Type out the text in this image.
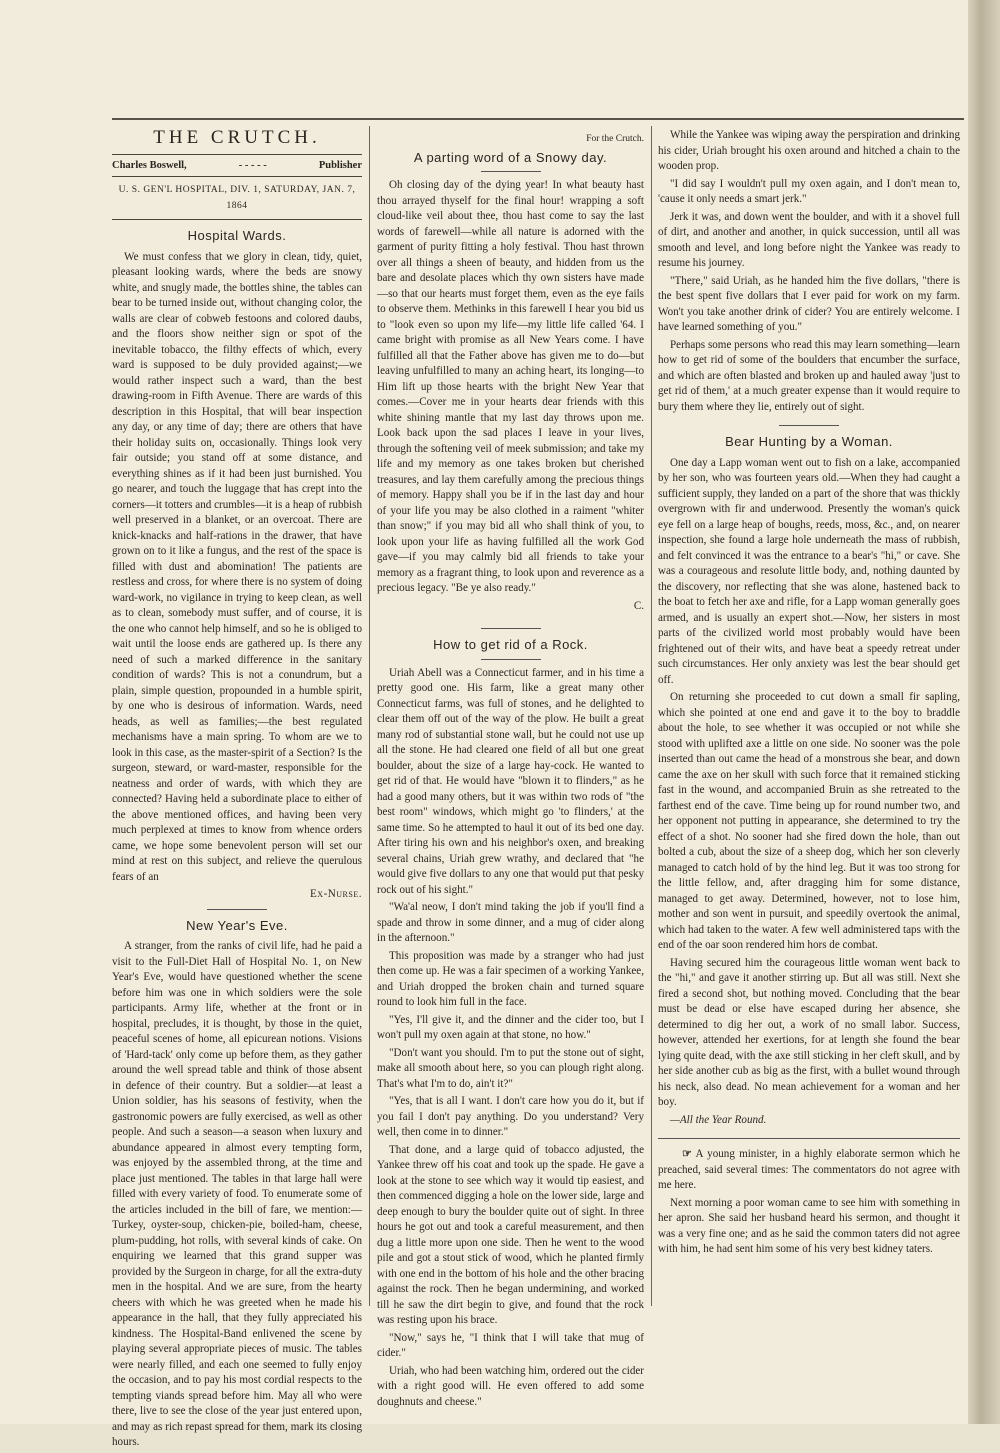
THE CRUTCH.
Charles Boswell,	- - - - -	Publisher
U. S. GEN'L HOSPITAL, DIV. 1, SATURDAY, JAN. 7, 1864
Hospital Wards.

We must confess that we glory in clean, tidy, quiet, pleasant looking wards, where the beds are snowy white, and snugly made, the bottles shine, the tables can bear to be turned inside out, without changing color, the walls are clear of cobweb festoons and colored daubs, and the floors show neither sign or spot of the inevitable tobacco, the filthy effects of which, every ward is supposed to be duly provided against;—we would rather inspect such a ward, than the best drawing-room in Fifth Avenue. There are wards of this description in this Hospital, that will bear inspection any day, or any time of day; there are others that have their holiday suits on, occasionally. Things look very fair outside; you stand off at some distance, and everything shines as if it had been just burnished. You go nearer, and touch the luggage that has crept into the corners—it totters and crumbles—it is a heap of rubbish well preserved in a blanket, or an overcoat. There are knick-knacks and half-rations in the drawer, that have grown on to it like a fungus, and the rest of the space is filled with dust and abomination! The patients are restless and cross, for where there is no system of doing ward-work, no vigilance in trying to keep clean, as well as to clean, somebody must suffer, and of course, it is the one who cannot help himself, and so he is obliged to wait until the loose ends are gathered up. Is there any need of such a marked difference in the sanitary condition of wards? This is not a conundrum, but a plain, simple question, propounded in a humble spirit, by one who is desirous of information. Wards, need heads, as well as families;—the best regulated mechanisms have a main spring. To whom are we to look in this case, as the master-spirit of a Section? Is the surgeon, steward, or ward-master, responsible for the neatness and order of wards, with which they are connected? Having held a subordinate place to either of the above mentioned offices, and having been very much perplexed at times to know from whence orders came, we hope some benevolent person will set our mind at rest on this subject, and relieve the querulous fears of an

Ex-Nurse.
New Year's Eve.

A stranger, from the ranks of civil life, had he paid a visit to the Full-Diet Hall of Hospital No. 1, on New Year's Eve, would have questioned whether the scene before him was one in which soldiers were the sole participants. Army life, whether at the front or in hospital, precludes, it is thought, by those in the quiet, peaceful scenes of home, all epicurean notions. Visions of 'Hard-tack' only come up before them, as they gather around the well spread table and think of those absent in defence of their country. But a soldier—at least a Union soldier, has his seasons of festivity, when the gastronomic powers are fully exercised, as well as other people. And such a season—a season when luxury and abundance appeared in almost every tempting form, was enjoyed by the assembled throng, at the time and place just mentioned. The tables in that large hall were filled with every variety of food. To enumerate some of the articles included in the bill of fare, we mention:—Turkey, oyster-soup, chicken-pie, boiled-ham, cheese, plum-pudding, hot rolls, with several kinds of cake. On enquiring we learned that this grand supper was provided by the Surgeon in charge, for all the extra-duty men in the hospital. And we are sure, from the hearty cheers with which he was greeted when he made his appearance in the hall, that they fully appreciated his kindness. The Hospital-Band enlivened the scene by playing several appropriate pieces of music. The tables were nearly filled, and each one seemed to fully enjoy the occasion, and to pay his most cordial respects to the tempting viands spread before him. May all who were there, live to see the close of the year just entered upon, and may as rich repast spread for them, mark its closing hours.

For the Crutch.
A parting word of a Snowy day.

Oh closing day of the dying year! In what beauty hast thou arrayed thyself for the final hour! wrapping a soft cloud-like veil about thee, thou hast come to say the last words of farewell—while all nature is adorned with the garment of purity fitting a holy festival. Thou hast thrown over all things a sheen of beauty, and hidden from us the bare and desolate places which thy own sisters have made—so that our hearts must forget them, even as the eye fails to observe them. Methinks in this farewell I hear you bid us to "look even so upon my life—my little life called '64. I came bright with promise as all New Years come. I have fulfilled all that the Father above has given me to do—but leaving unfulfilled to many an aching heart, its longing—to Him lift up those hearts with the bright New Year that comes.—Cover me in your hearts dear friends with this white shining mantle that my last day throws upon me. Look back upon the sad places I leave in your lives, through the softening veil of meek submission; and take my life and my memory as one takes broken but cherished treasures, and lay them carefully among the precious things of memory. Happy shall you be if in the last day and hour of your life you may be also clothed in a raiment "whiter than snow;" if you may bid all who shall think of you, to look upon your life as having fulfilled all the work God gave—if you may calmly bid all friends to take your memory as a fragrant thing, to look upon and reverence as a precious legacy. "Be ye also ready."

C.
How to get rid of a Rock.

Uriah Abell was a Connecticut farmer, and in his time a pretty good one. His farm, like a great many other Connecticut farms, was full of stones, and he delighted to clear them off out of the way of the plow. He built a great many rod of substantial stone wall, but he could not use up all the stone. He had cleared one field of all but one great boulder, about the size of a large hay-cock. He wanted to get rid of that. He would have "blown it to flinders," as he had a good many others, but it was within two rods of "the best room" windows, which might go 'to flinders,' at the same time. So he attempted to haul it out of its bed one day. After tiring his own and his neighbor's oxen, and breaking several chains, Uriah grew wrathy, and declared that "he would give five dollars to any one that would put that pesky rock out of his sight."

"Wa'al neow, I don't mind taking the job if you'll find a spade and throw in some dinner, and a mug of cider along in the afternoon."

This proposition was made by a stranger who had just then come up. He was a fair specimen of a working Yankee, and Uriah dropped the broken chain and turned square round to look him full in the face.

"Yes, I'll give it, and the dinner and the cider too, but I won't pull my oxen again at that stone, no how."

"Don't want you should. I'm to put the stone out of sight, make all smooth about here, so you can plough right along. That's what I'm to do, ain't it?"

"Yes, that is all I want. I don't care how you do it, but if you fail I don't pay anything. Do you understand? Very well, then come in to dinner."

That done, and a large quid of tobacco adjusted, the Yankee threw off his coat and took up the spade. He gave a look at the stone to see which way it would tip easiest, and then commenced digging a hole on the lower side, large and deep enough to bury the boulder quite out of sight. In three hours he got out and took a careful measurement, and then dug a little more upon one side. Then he went to the wood pile and got a stout stick of wood, which he planted firmly with one end in the bottom of his hole and the other bracing against the rock. Then he began undermining, and worked till he saw the dirt begin to give, and found that the rock was resting upon his brace.

"Now," says he, "I think that I will take that mug of cider."

Uriah, who had been watching him, ordered out the cider with a right good will. He even offered to add some doughnuts and cheese."

While the Yankee was wiping away the perspiration and drinking his cider, Uriah brought his oxen around and hitched a chain to the wooden prop.

"I did say I wouldn't pull my oxen again, and I don't mean to, 'cause it only needs a smart jerk."

Jerk it was, and down went the boulder, and with it a shovel full of dirt, and another and another, in quick succession, until all was smooth and level, and long before night the Yankee was ready to resume his journey.

"There," said Uriah, as he handed him the five dollars, "there is the best spent five dollars that I ever paid for work on my farm. Won't you take another drink of cider? You are entirely welcome. I have learned something of you."

Perhaps some persons who read this may learn something—learn how to get rid of some of the boulders that encumber the surface, and which are often blasted and broken up and hauled away 'just to get rid of them,' at a much greater expense than it would require to bury them where they lie, entirely out of sight.

Bear Hunting by a Woman.

One day a Lapp woman went out to fish on a lake, accompanied by her son, who was fourteen years old.—When they had caught a sufficient supply, they landed on a part of the shore that was thickly overgrown with fir and underwood. Presently the woman's quick eye fell on a large heap of boughs, reeds, moss, &c., and, on nearer inspection, she found a large hole underneath the mass of rubbish, and felt convinced it was the entrance to a bear's "hi," or cave. She was a courageous and resolute little body, and, nothing daunted by the discovery, nor reflecting that she was alone, hastened back to the boat to fetch her axe and rifle, for a Lapp woman generally goes armed, and is usually an expert shot.—Now, her sisters in most parts of the civilized world most probably would have been frightened out of their wits, and have beat a speedy retreat under such circumstances. Her only anxiety was lest the bear should get off.

On returning she proceeded to cut down a small fir sapling, which she pointed at one end and gave it to the boy to braddle about the hole, to see whether it was occupied or not while she stood with uplifted axe a little on one side. No sooner was the pole inserted than out came the head of a monstrous she bear, and down came the axe on her skull with such force that it remained sticking fast in the wound, and accompanied Bruin as she retreated to the farthest end of the cave. Time being up for round number two, and her opponent not putting in appearance, she determined to try the effect of a shot. No sooner had she fired down the hole, than out bolted a cub, about the size of a sheep dog, which her son cleverly managed to catch hold of by the hind leg. But it was too strong for the little fellow, and, after dragging him for some distance, managed to get away. Determined, however, not to lose him, mother and son went in pursuit, and speedily overtook the animal, which had taken to the water. A few well administered taps with the end of the oar soon rendered him hors de combat.

Having secured him the courageous little woman went back to the "hi," and gave it another stirring up. But all was still. Next she fired a second shot, but nothing moved. Concluding that the bear must be dead or else have escaped during her absence, she determined to dig her out, a work of no small labor. Success, however, attended her exertions, for at length she found the bear lying quite dead, with the axe still sticking in her cleft skull, and by her side another cub as big as the first, with a bullet wound through his neck, also dead. No mean achievement for a woman and her boy.

—All the Year Round.

☞ A young minister, in a highly elaborate sermon which he preached, said several times: The commentators do not agree with me here.

Next morning a poor woman came to see him with something in her apron. She said her husband heard his sermon, and thought it was a very fine one; and as he said the common taters did not agree with him, he had sent him some of his very best kidney taters.
